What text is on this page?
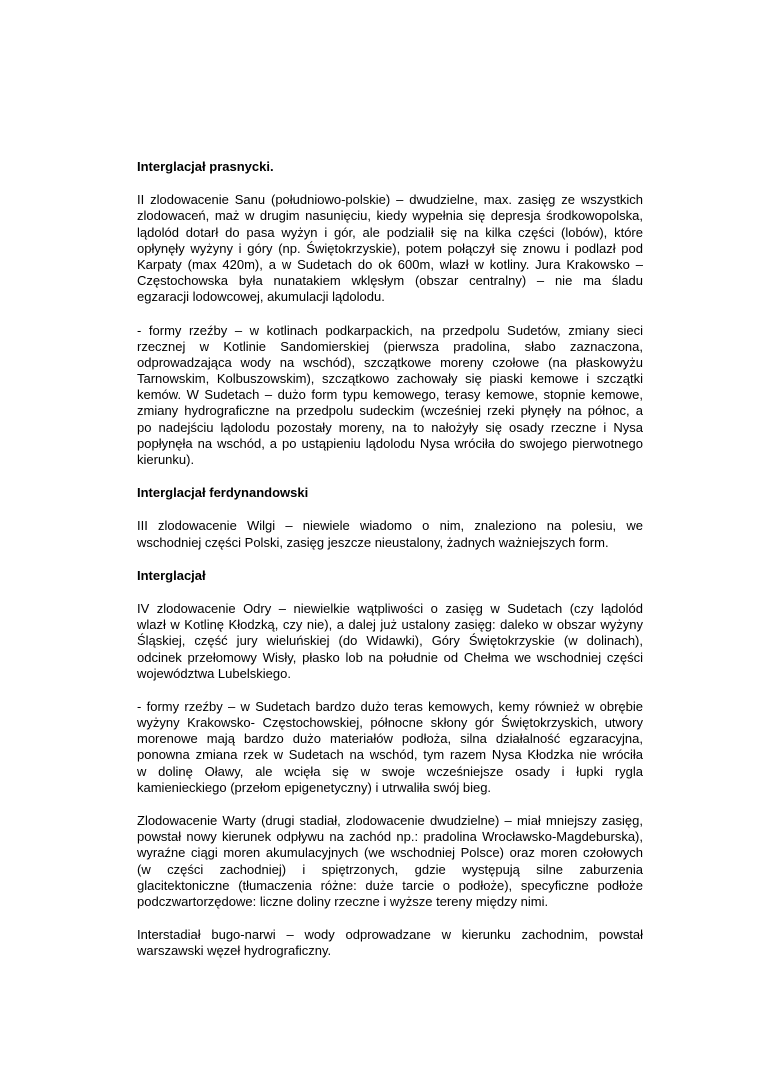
Interglacjał prasnycki.
II zlodowacenie Sanu (południowo-polskie) – dwudzielne, max. zasięg ze wszystkich
zlodowaceń, maż w drugim nasunięciu, kiedy wypełnia się depresja środkowopolska,
lądolód dotarł do pasa wyżyn i gór, ale podzialił się na kilka części (lobów), które
opłynęły wyżyny i góry (np. Świętokrzyskie), potem połączył się znowu i podlazł pod
Karpaty (max 420m), a w Sudetach do ok 600m, wlazł w kotliny. Jura Krakowsko –
Częstochowska była nunatakiem wklęsłym (obszar centralny) – nie ma śladu
egzaracji lodowcowej, akumulacji lądolodu.
- formy rzeźby – w kotlinach podkarpackich, na przedpolu Sudetów, zmiany sieci
rzecznej w Kotlinie Sandomierskiej (pierwsza pradolina, słabo zaznaczona,
odprowadzająca wody na wschód), szczątkowe moreny czołowe (na płaskowyżu
Tarnowskim, Kolbuszowskim), szczątkowo zachowały się piaski kemowe i szczątki
kemów. W Sudetach – dużo form typu kemowego, terasy kemowe, stopnie kemowe,
zmiany hydrograficzne na przedpolu sudeckim (wcześniej rzeki płynęły na północ, a
po nadejściu lądolodu pozostały moreny, na to nałożyły się osady rzeczne i Nysa
popłynęła na wschód, a po ustąpieniu lądolodu Nysa wróciła do swojego pierwotnego
kierunku).
Interglacjał ferdynandowski
III zlodowacenie Wilgi – niewiele wiadomo o nim, znaleziono na polesiu, we
wschodniej części Polski, zasięg jeszcze nieustalony, żadnych ważniejszych form.
Interglacjał
IV zlodowacenie Odry – niewielkie wątpliwości o zasięg w Sudetach (czy lądolód
wlazł w Kotlinę Kłodzką, czy nie), a dalej już ustalony zasięg: daleko w obszar wyżyny
Śląskiej, część jury wieluńskiej (do Widawki), Góry Świętokrzyskie (w dolinach),
odcinek przełomowy Wisły, płasko lob na południe od Chełma we wschodniej części
województwa Lubelskiego.
- formy rzeźby – w Sudetach bardzo dużo teras kemowych, kemy również w obrębie
wyżyny Krakowsko- Częstochowskiej, północne skłony gór Świętokrzyskich, utwory
morenowe mają bardzo dużo materiałów podłoża, silna działalność egzaracyjna,
ponowna zmiana rzek w Sudetach na wschód, tym razem Nysa Kłodzka nie wróciła
w dolinę Oławy, ale wcięła się w swoje wcześniejsze osady i łupki rygla
kamienieckiego (przełom epigenetyczny) i utrwaliła swój bieg.
Zlodowacenie Warty (drugi stadiał, zlodowacenie dwudzielne) – miał mniejszy zasięg,
powstał nowy kierunek odpływu na zachód np.: pradolina Wrocławsko-Magdeburska),
wyraźne ciągi moren akumulacyjnych (we wschodniej Polsce) oraz moren czołowych
(w części zachodniej) i spiętrzonych, gdzie występują silne zaburzenia
glacitektoniczne (tłumaczenia różne: duże tarcie o podłoże), specyficzne podłoże
podczwartorzędowe: liczne doliny rzeczne i wyższe tereny między nimi.
Interstadiał bugo-narwi – wody odprowadzane w kierunku zachodnim, powstał
warszawski węzeł hydrograficzny.
